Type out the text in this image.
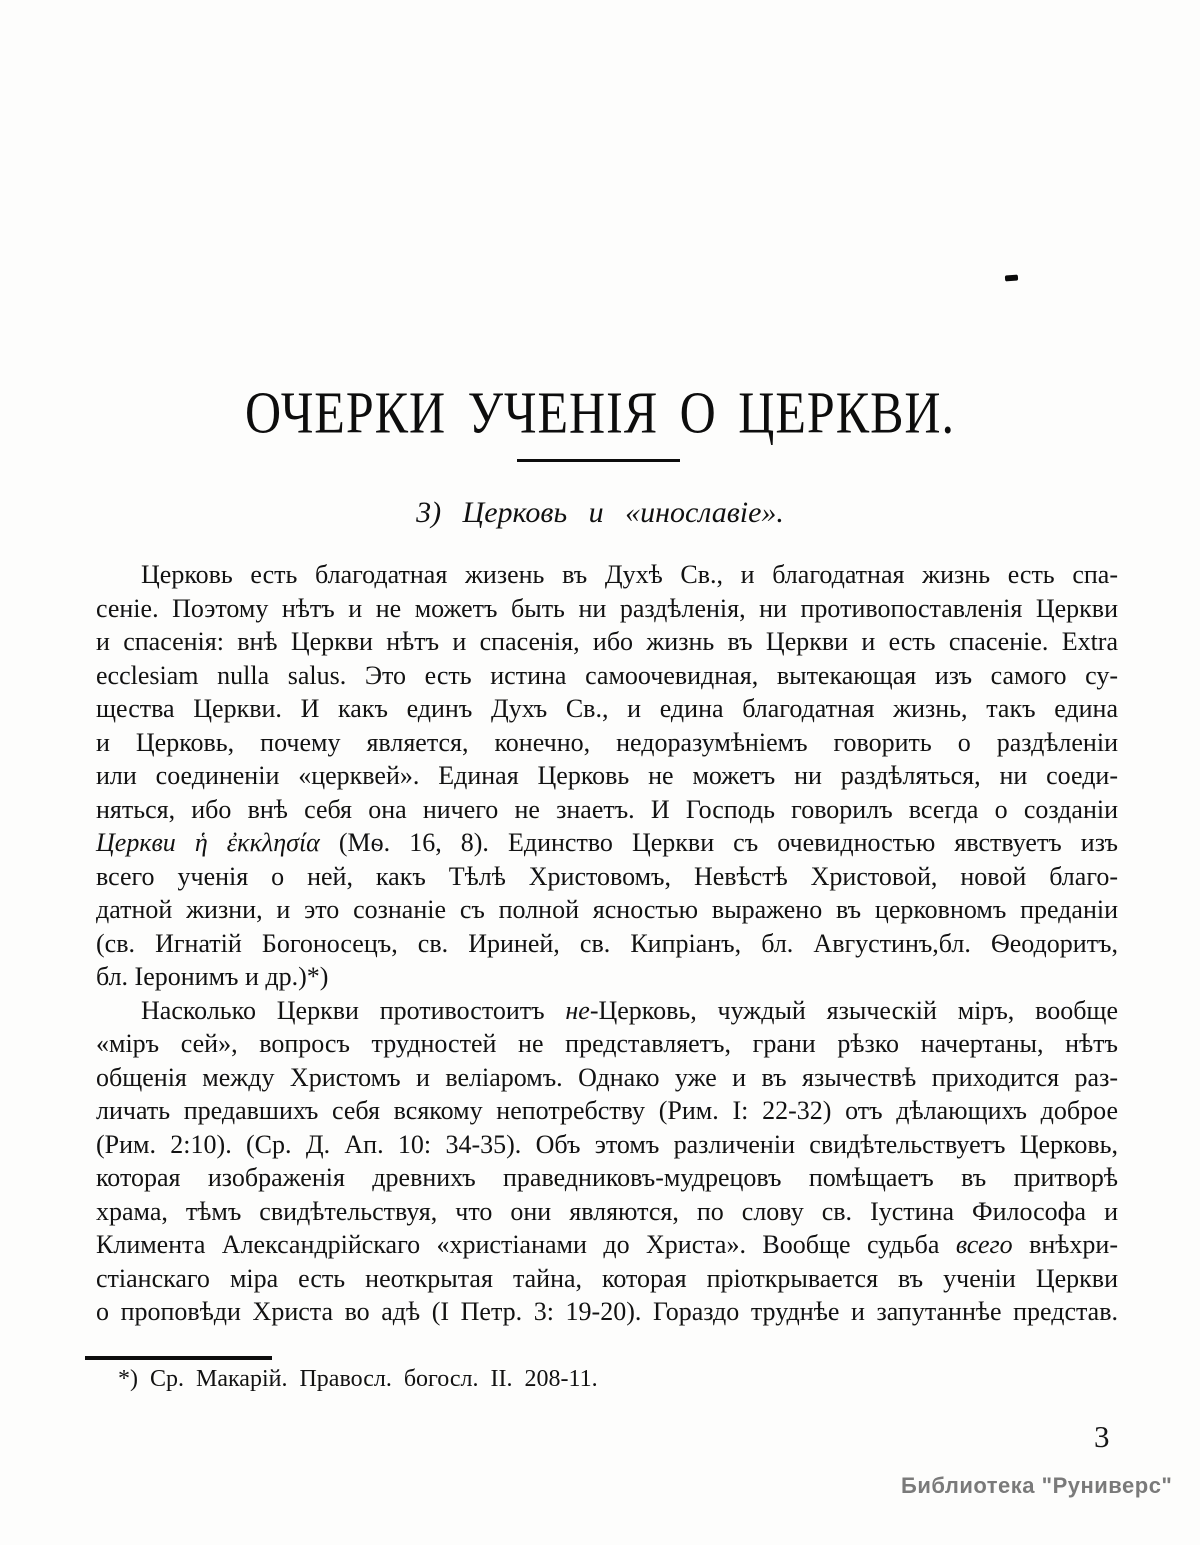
ОЧЕРКИ УЧЕНІЯ О ЦЕРКВИ.
3) Церковь и «инославіе».
Церковь есть благодатная жизень въ Духѣ Св., и благодатная жизнь есть спа-
сеніе. Поэтому нѣтъ и не можетъ быть ни раздѣленія, ни противопоставленія Церкви
и спасенія: внѣ Церкви нѣтъ и спасенія, ибо жизнь въ Церкви и есть спасеніе. Extra
ecclesiam nulla salus. Это есть истина самоочевидная, вытекающая изъ самого су-
щества Церкви. И какъ единъ Духъ Св., и едина благодатная жизнь, такъ едина
и Церковь, почему является, конечно, недоразумѣніемъ говорить о раздѣленіи
или соединеніи «церквей». Единая Церковь не можетъ ни раздѣляться, ни соеди-
няться, ибо внѣ себя она ничего не знаетъ. И Господь говорилъ всегда о созданіи
Церкви ἡ ἐκκλησία (Мѳ. 16, 8). Единство Церкви съ очевидностью явствуетъ изъ
всего ученія о ней, какъ Тѣлѣ Христовомъ, Невѣстѣ Христовой, новой благо-
датной жизни, и это сознаніе съ полной ясностью выражено въ церковномъ преданіи
(св. Игнатій Богоносецъ, св. Ириней, св. Кипріанъ, бл. Августинъ,бл. Ѳеодоритъ,
бл. Іеронимъ и др.)*)
Насколько Церкви противостоитъ не-Церковь, чуждый языческій міръ, вообще
«міръ сей», вопросъ трудностей не представляетъ, грани рѣзко начертаны, нѣтъ
общенія между Христомъ и веліаромъ. Однако уже и въ язычествѣ приходится раз-
личать предавшихъ себя всякому непотребству (Рим. I: 22-32) отъ дѣлающихъ доброе
(Рим. 2:10). (Ср. Д. Ап. 10: 34-35). Объ этомъ различеніи свидѣтельствуетъ Церковь,
которая изображенія древнихъ праведниковъ-мудрецовъ помѣщаетъ въ притворѣ
храма, тѣмъ свидѣтельствуя, что они являются, по слову св. Іустина Философа и
Климента Александрійскаго «христіанами до Христа». Вообще судьба всего внѣхри-
стіанскаго міра есть неоткрытая тайна, которая пріоткрывается въ ученіи Церкви
о проповѣди Христа во адѣ (I Петр. 3: 19-20). Гораздо труднѣе и запутаннѣе представ.
*) Ср. Макарій. Правосл. богосл. II. 208-11.
3
Библиотека "Руниверс"
